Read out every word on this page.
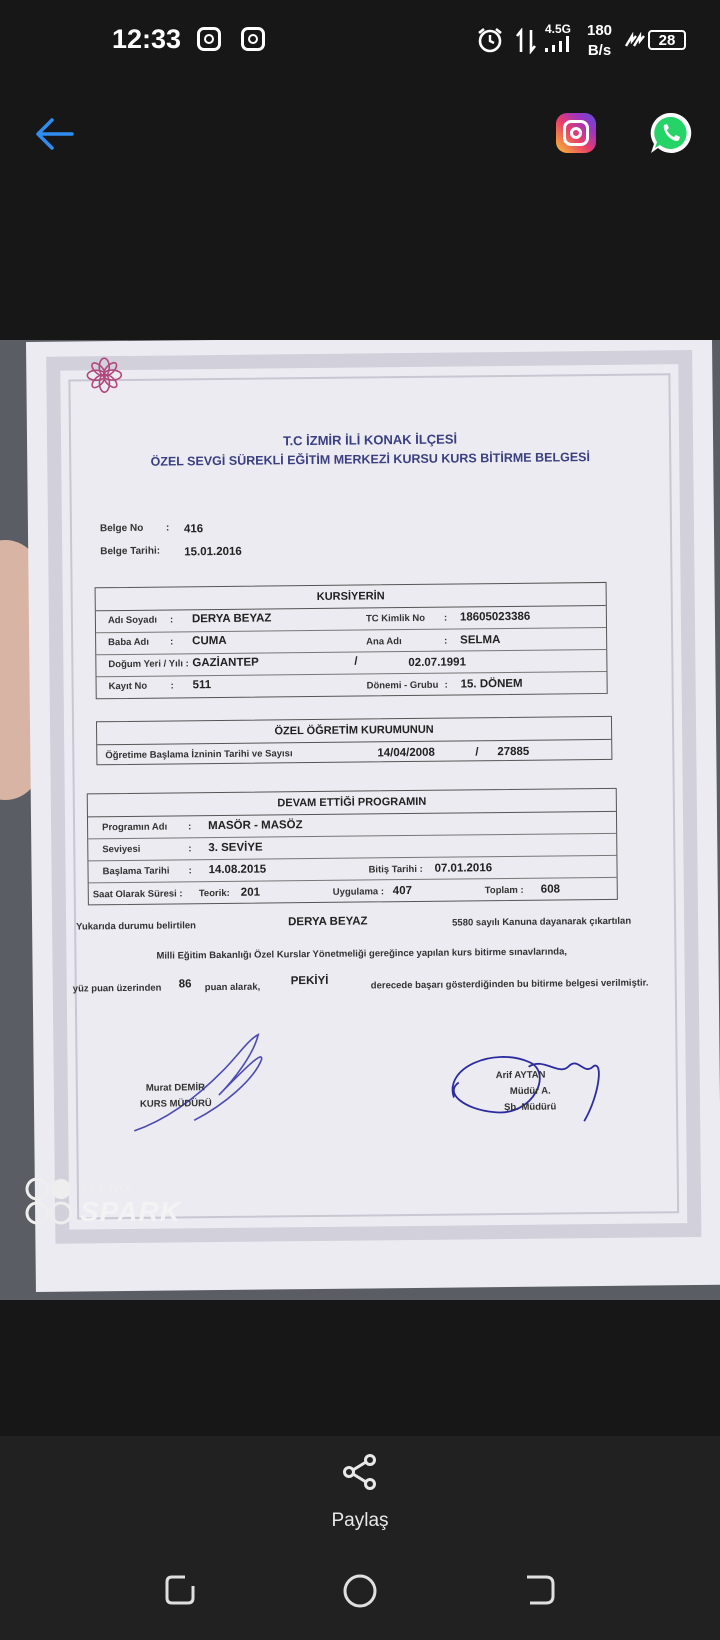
12:33	4.5G 180
B/s
28
T.C İZMİR İLİ KONAK İLÇESİ
ÖZEL SEVGİ SÜREKLİ EĞİTİM MERKEZİ KURSU KURS BİTİRME BELGESİ
Belge No : 416
Belge Tarihi: 15.01.2016
KURSİYERİN
Adı Soyadı : DERYA BEYAZ	TC Kimlik No : 18605023386
Baba Adı : CUMA	Ana Adı	: SELMA
Doğum Yeri / Yılı : GAZİANTEP	/	02.07.1991
Kayıt No : 511	Dönemi - Grubu : 15. DÖNEM
ÖZEL ÖĞRETİM KURUMUNUN
Öğretime Başlama İzninin Tarihi ve Sayısı	14/04/2008	/ 27885
DEVAM ETTİĞİ PROGRAMIN
Programın Adı : MASÖR - MASÖZ
Seviyesi	: 3. SEVİYE
Başlama Tarihi : 14.08.2015	Bitiş Tarihi : 07.01.2016
Saat Olarak Süresi : Teorik: 201	Uygulama : 407	Toplam : 608
Yukarıda durumu belirtilen	DERYA BEYAZ	5580 sayılı Kanuna dayanarak çıkartılan
Milli Eğitim Bakanlığı Özel Kurslar Yönetmeliği gereğince yapılan kurs bitirme sınavlarında,
yüz puan üzerinden 86 puan alarak,
PEKİYİ	derecede başarı gösterdiğinden bu bitirme belgesi verilmiştir.
Murat DEMİR
KURS MÜDÜRÜ
Arif AYTAN
Müdür A.
Şb. Müdürü
TECNO
SPARK
Paylaş
